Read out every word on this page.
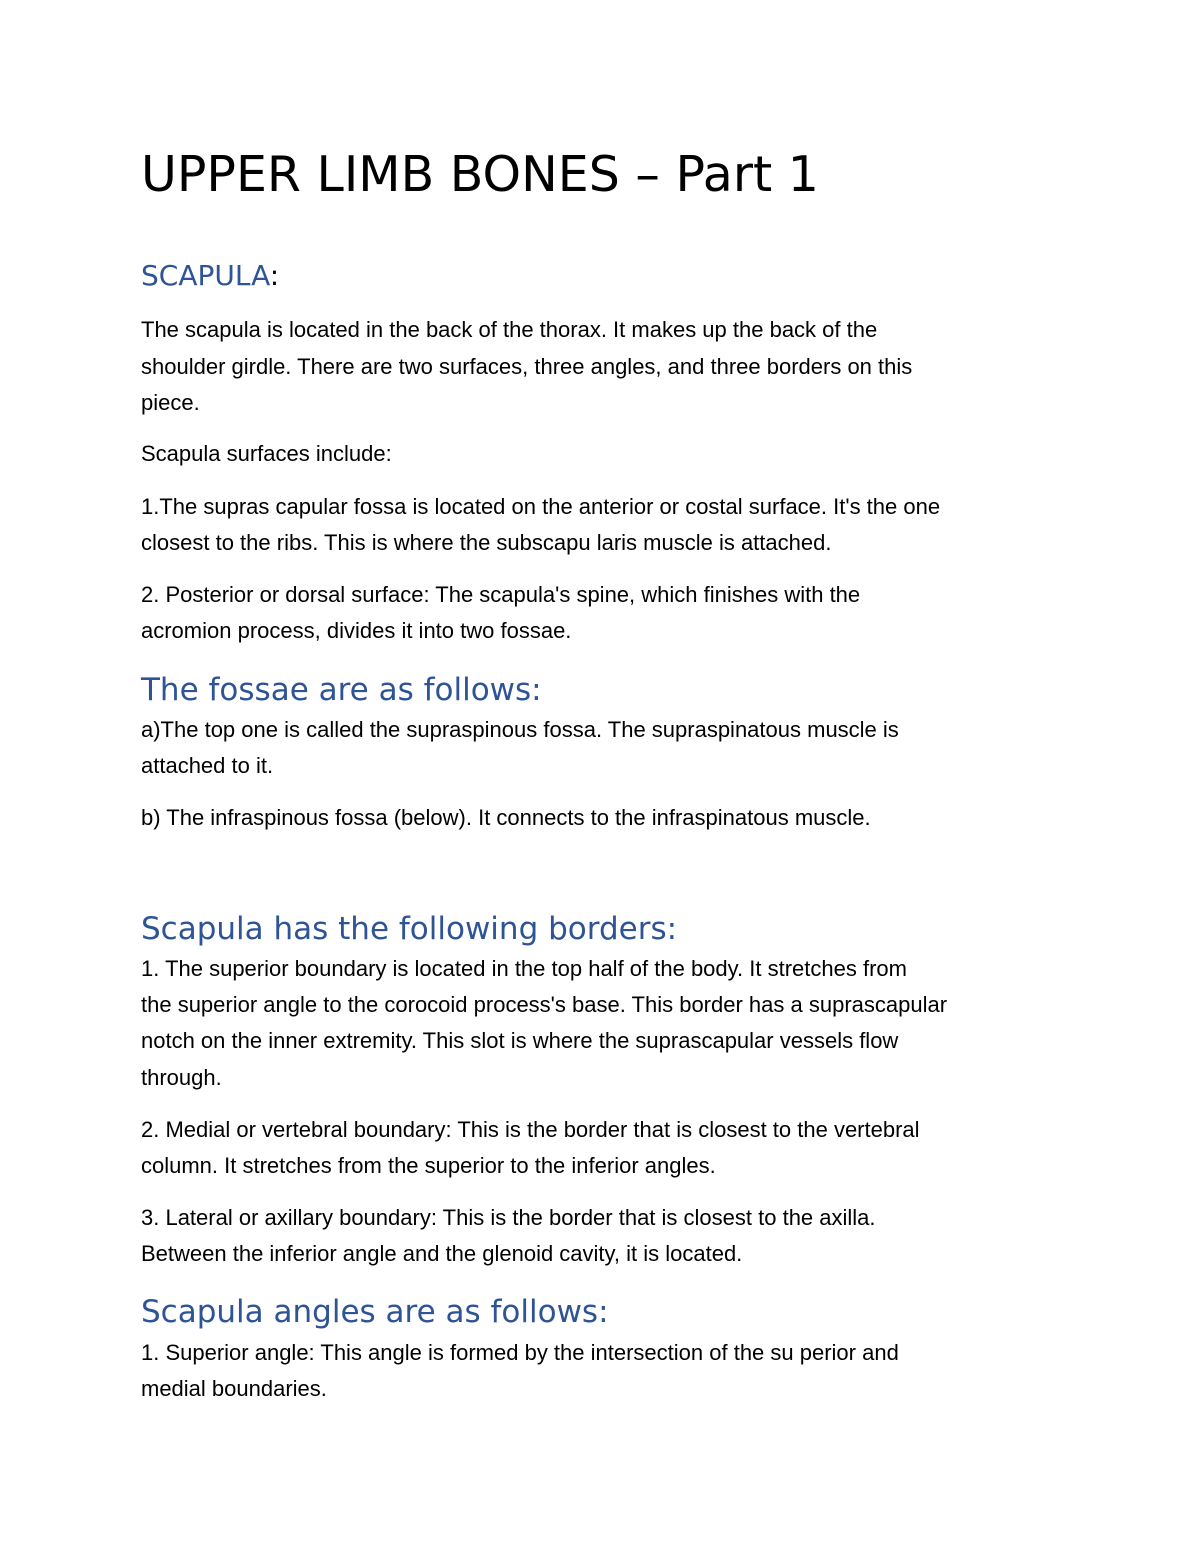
UPPER LIMB BONES – Part 1
SCAPULA:
The scapula is located in the back of the thorax. It makes up the back of the
shoulder girdle. There are two surfaces, three angles, and three borders on this
piece.
Scapula surfaces include:
1.The supras capular fossa is located on the anterior or costal surface. It's the one
closest to the ribs. This is where the subscapu laris muscle is attached.
2. Posterior or dorsal surface: The scapula's spine, which finishes with the
acromion process, divides it into two fossae.
The fossae are as follows:
a)The top one is called the supraspinous fossa. The supraspinatous muscle is
attached to it.
b) The infraspinous fossa (below). It connects to the infraspinatous muscle.
Scapula has the following borders:
1. The superior boundary is located in the top half of the body. It stretches from
the superior angle to the corocoid process's base. This border has a suprascapular
notch on the inner extremity. This slot is where the suprascapular vessels flow
through.
2. Medial or vertebral boundary: This is the border that is closest to the vertebral
column. It stretches from the superior to the inferior angles.
3. Lateral or axillary boundary: This is the border that is closest to the axilla.
Between the inferior angle and the glenoid cavity, it is located.
Scapula angles are as follows:
1. Superior angle: This angle is formed by the intersection of the su perior and
medial boundaries.
